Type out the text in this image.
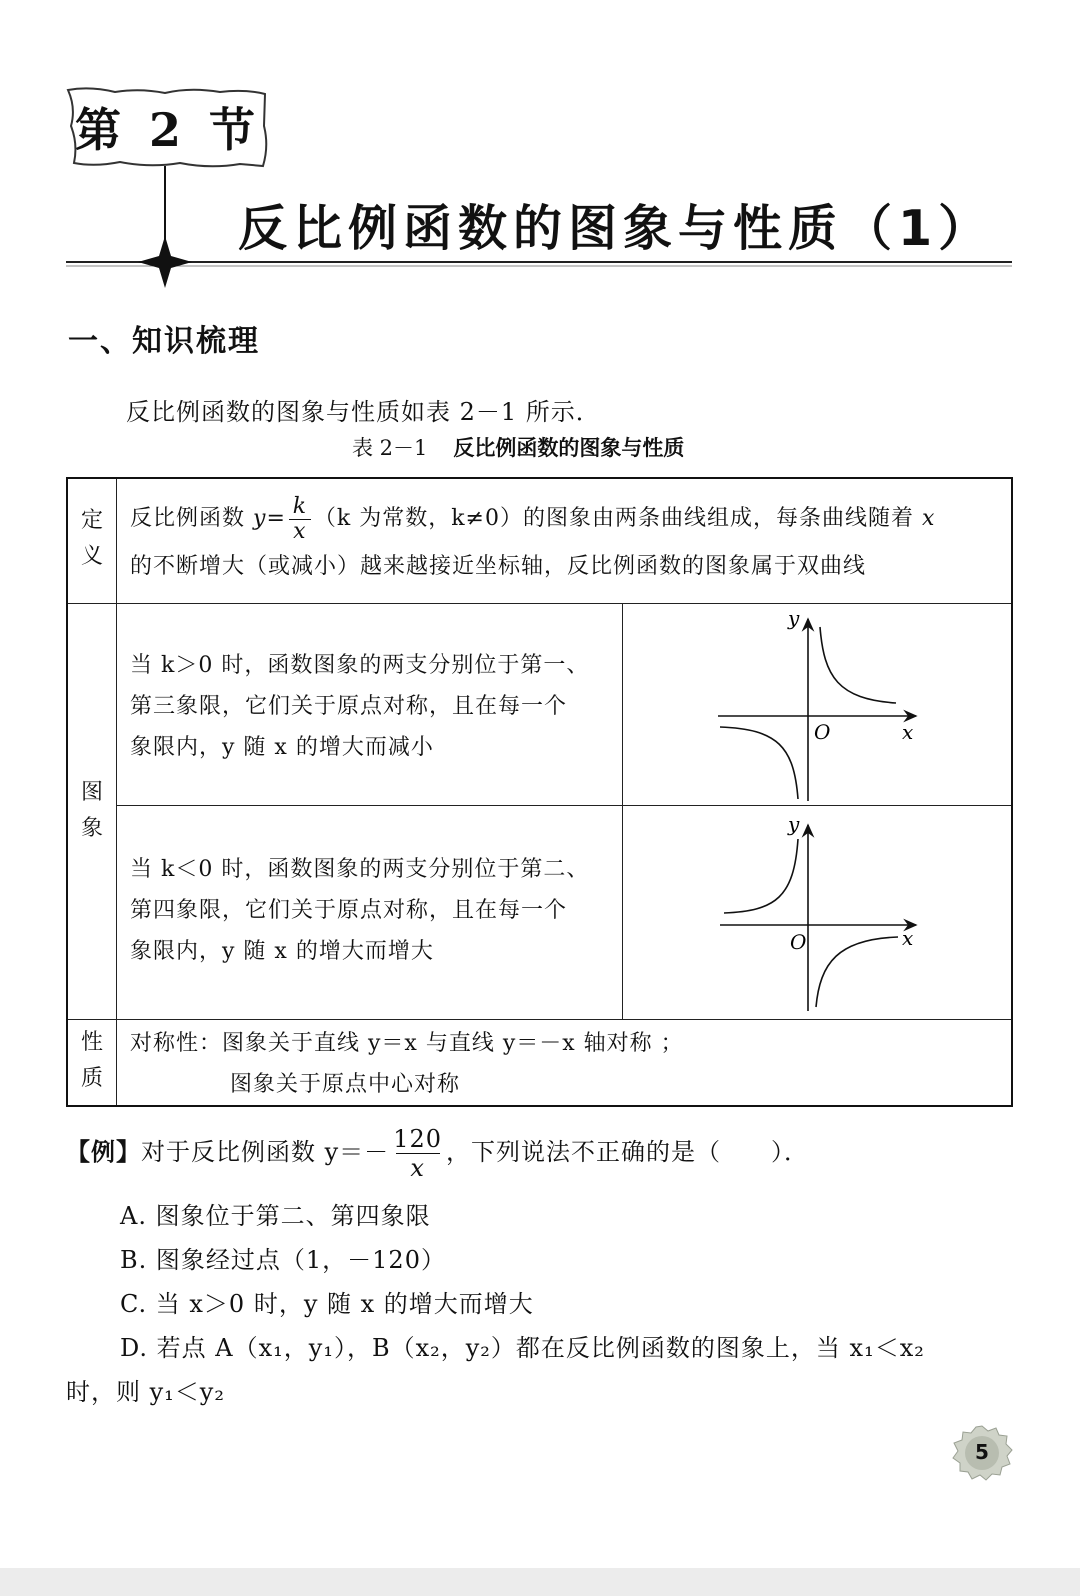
第 2 节
反比例函数的图象与性质（1）
一、知识梳理
反比例函数的图象与性质如表 2－1 所示．
表 2－1 反比例函数的图象与性质
定
义
反比例函数 $y= \frac{k}{x} (k$ 为常数，k≠0）的图象由两条曲线组成，每条曲线随着 x
的不断增大（或减小）越来越接近坐标轴，反比例函数的图象属于双曲线
图
象
当 k＞0 时，函数图象的两支分别位于第一、
第三象限，它们关于原点对称，且在每一个
象限内，y 随 x 的增大而减小
当 k＜0 时，函数图象的两支分别位于第二、
第四象限，它们关于原点对称，且在每一个
象限内，y 随 x 的增大而增大
y
x
O
y
x
O
性
质
对称性：图象关于直线 y＝x 与直线 y＝－x 轴对称 ；
图象关于原点中心对称
【例】对于反比例函数 $y=- \frac{120}{x}$ ，下列说法不正确的是（　　）．
A. 图象位于第二、第四象限
B. 图象经过点（1，－120）
C. 当 x＞0 时，y 随 x 的增大而增大
D. 若点 A（x₁，y₁），B（x₂，y₂）都在反比例函数的图象上，当 x₁＜x₂
时，则 y₁＜y₂
5
